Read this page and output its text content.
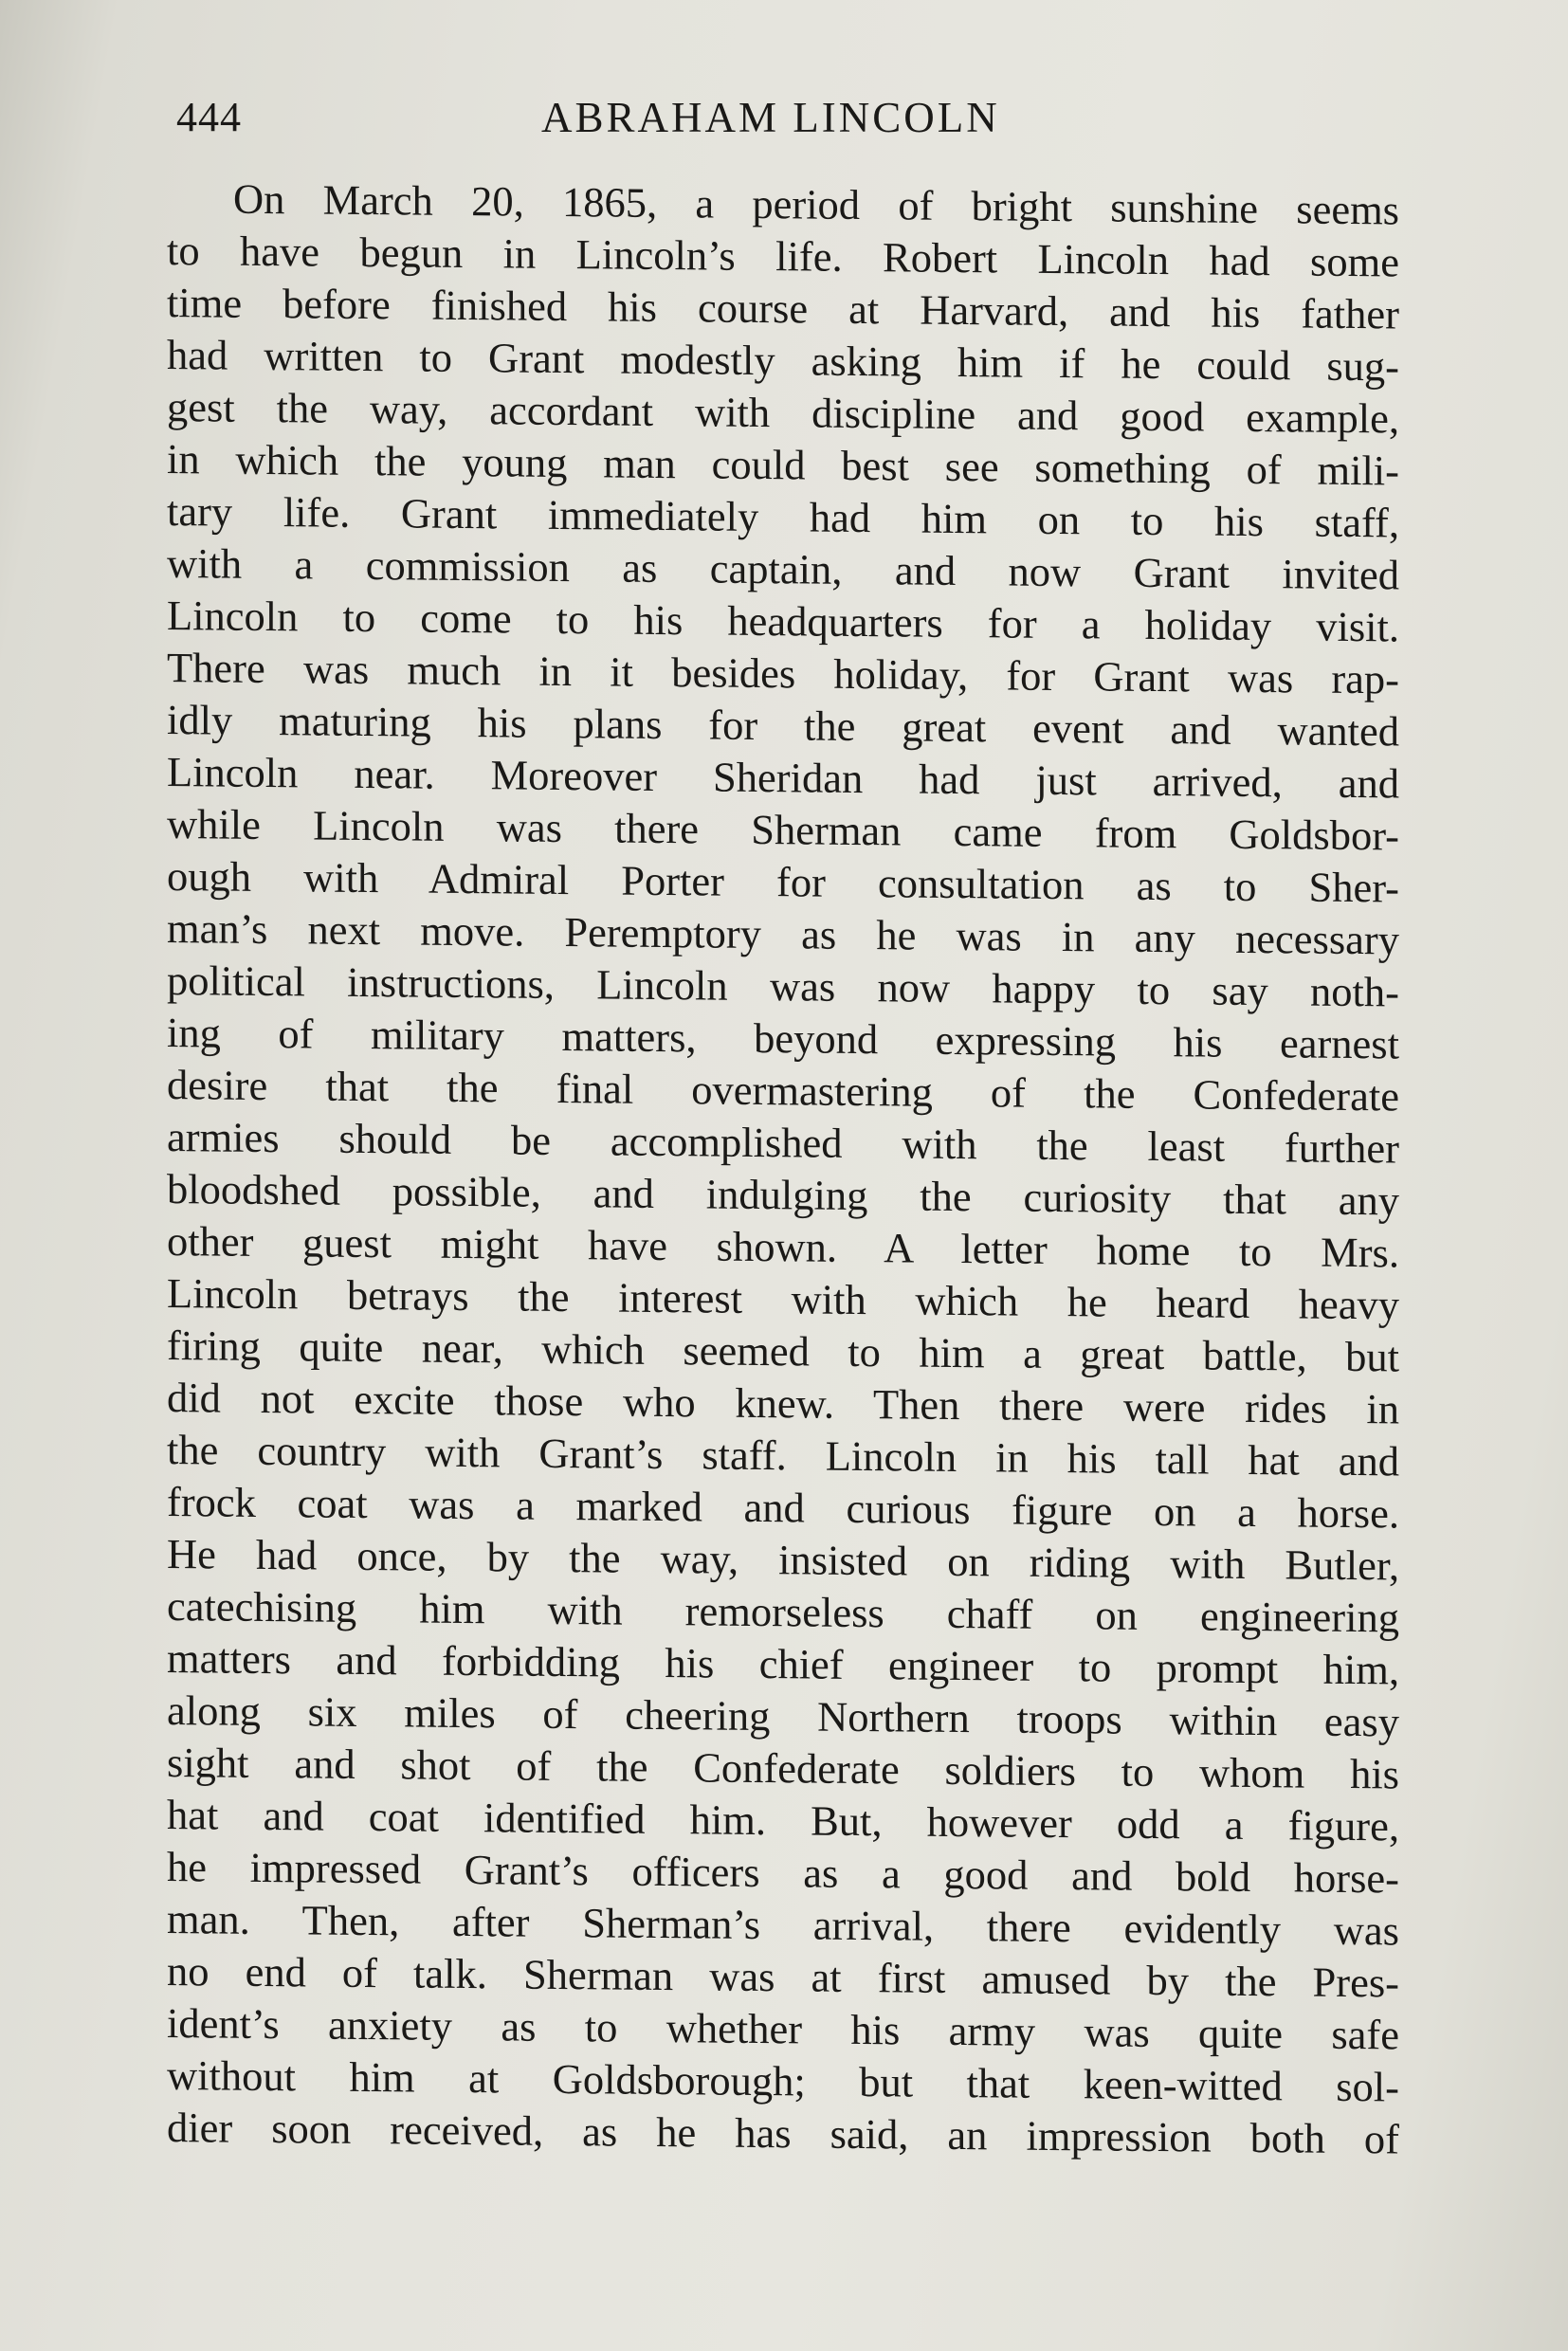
444	ABRAHAM LINCOLN
On March 20, 1865, a period of bright sunshine seems
to have begun in Lincoln’s life. Robert Lincoln had some
time before finished his course at Harvard, and his father
had written to Grant modestly asking him if he could sug-
gest the way, accordant with discipline and good example,
in which the young man could best see something of mili-
tary life. Grant immediately had him on to his staff,
with a commission as captain, and now Grant invited
Lincoln to come to his headquarters for a holiday visit.
There was much in it besides holiday, for Grant was rap-
idly maturing his plans for the great event and wanted
Lincoln near. Moreover Sheridan had just arrived, and
while Lincoln was there Sherman came from Goldsbor-
ough with Admiral Porter for consultation as to Sher-
man’s next move. Peremptory as he was in any necessary
political instructions, Lincoln was now happy to say noth-
ing of military matters, beyond expressing his earnest
desire that the final overmastering of the Confederate
armies should be accomplished with the least further
bloodshed possible, and indulging the curiosity that any
other guest might have shown. A letter home to Mrs.
Lincoln betrays the interest with which he heard heavy
firing quite near, which seemed to him a great battle, but
did not excite those who knew. Then there were rides in
the country with Grant’s staff. Lincoln in his tall hat and
frock coat was a marked and curious figure on a horse.
He had once, by the way, insisted on riding with Butler,
catechising him with remorseless chaff on engineering
matters and forbidding his chief engineer to prompt him,
along six miles of cheering Northern troops within easy
sight and shot of the Confederate soldiers to whom his
hat and coat identified him. But, however odd a figure,
he impressed Grant’s officers as a good and bold horse-
man. Then, after Sherman’s arrival, there evidently was
no end of talk. Sherman was at first amused by the Pres-
ident’s anxiety as to whether his army was quite safe
without him at Goldsborough; but that keen-witted sol-
dier soon received, as he has said, an impression both of
